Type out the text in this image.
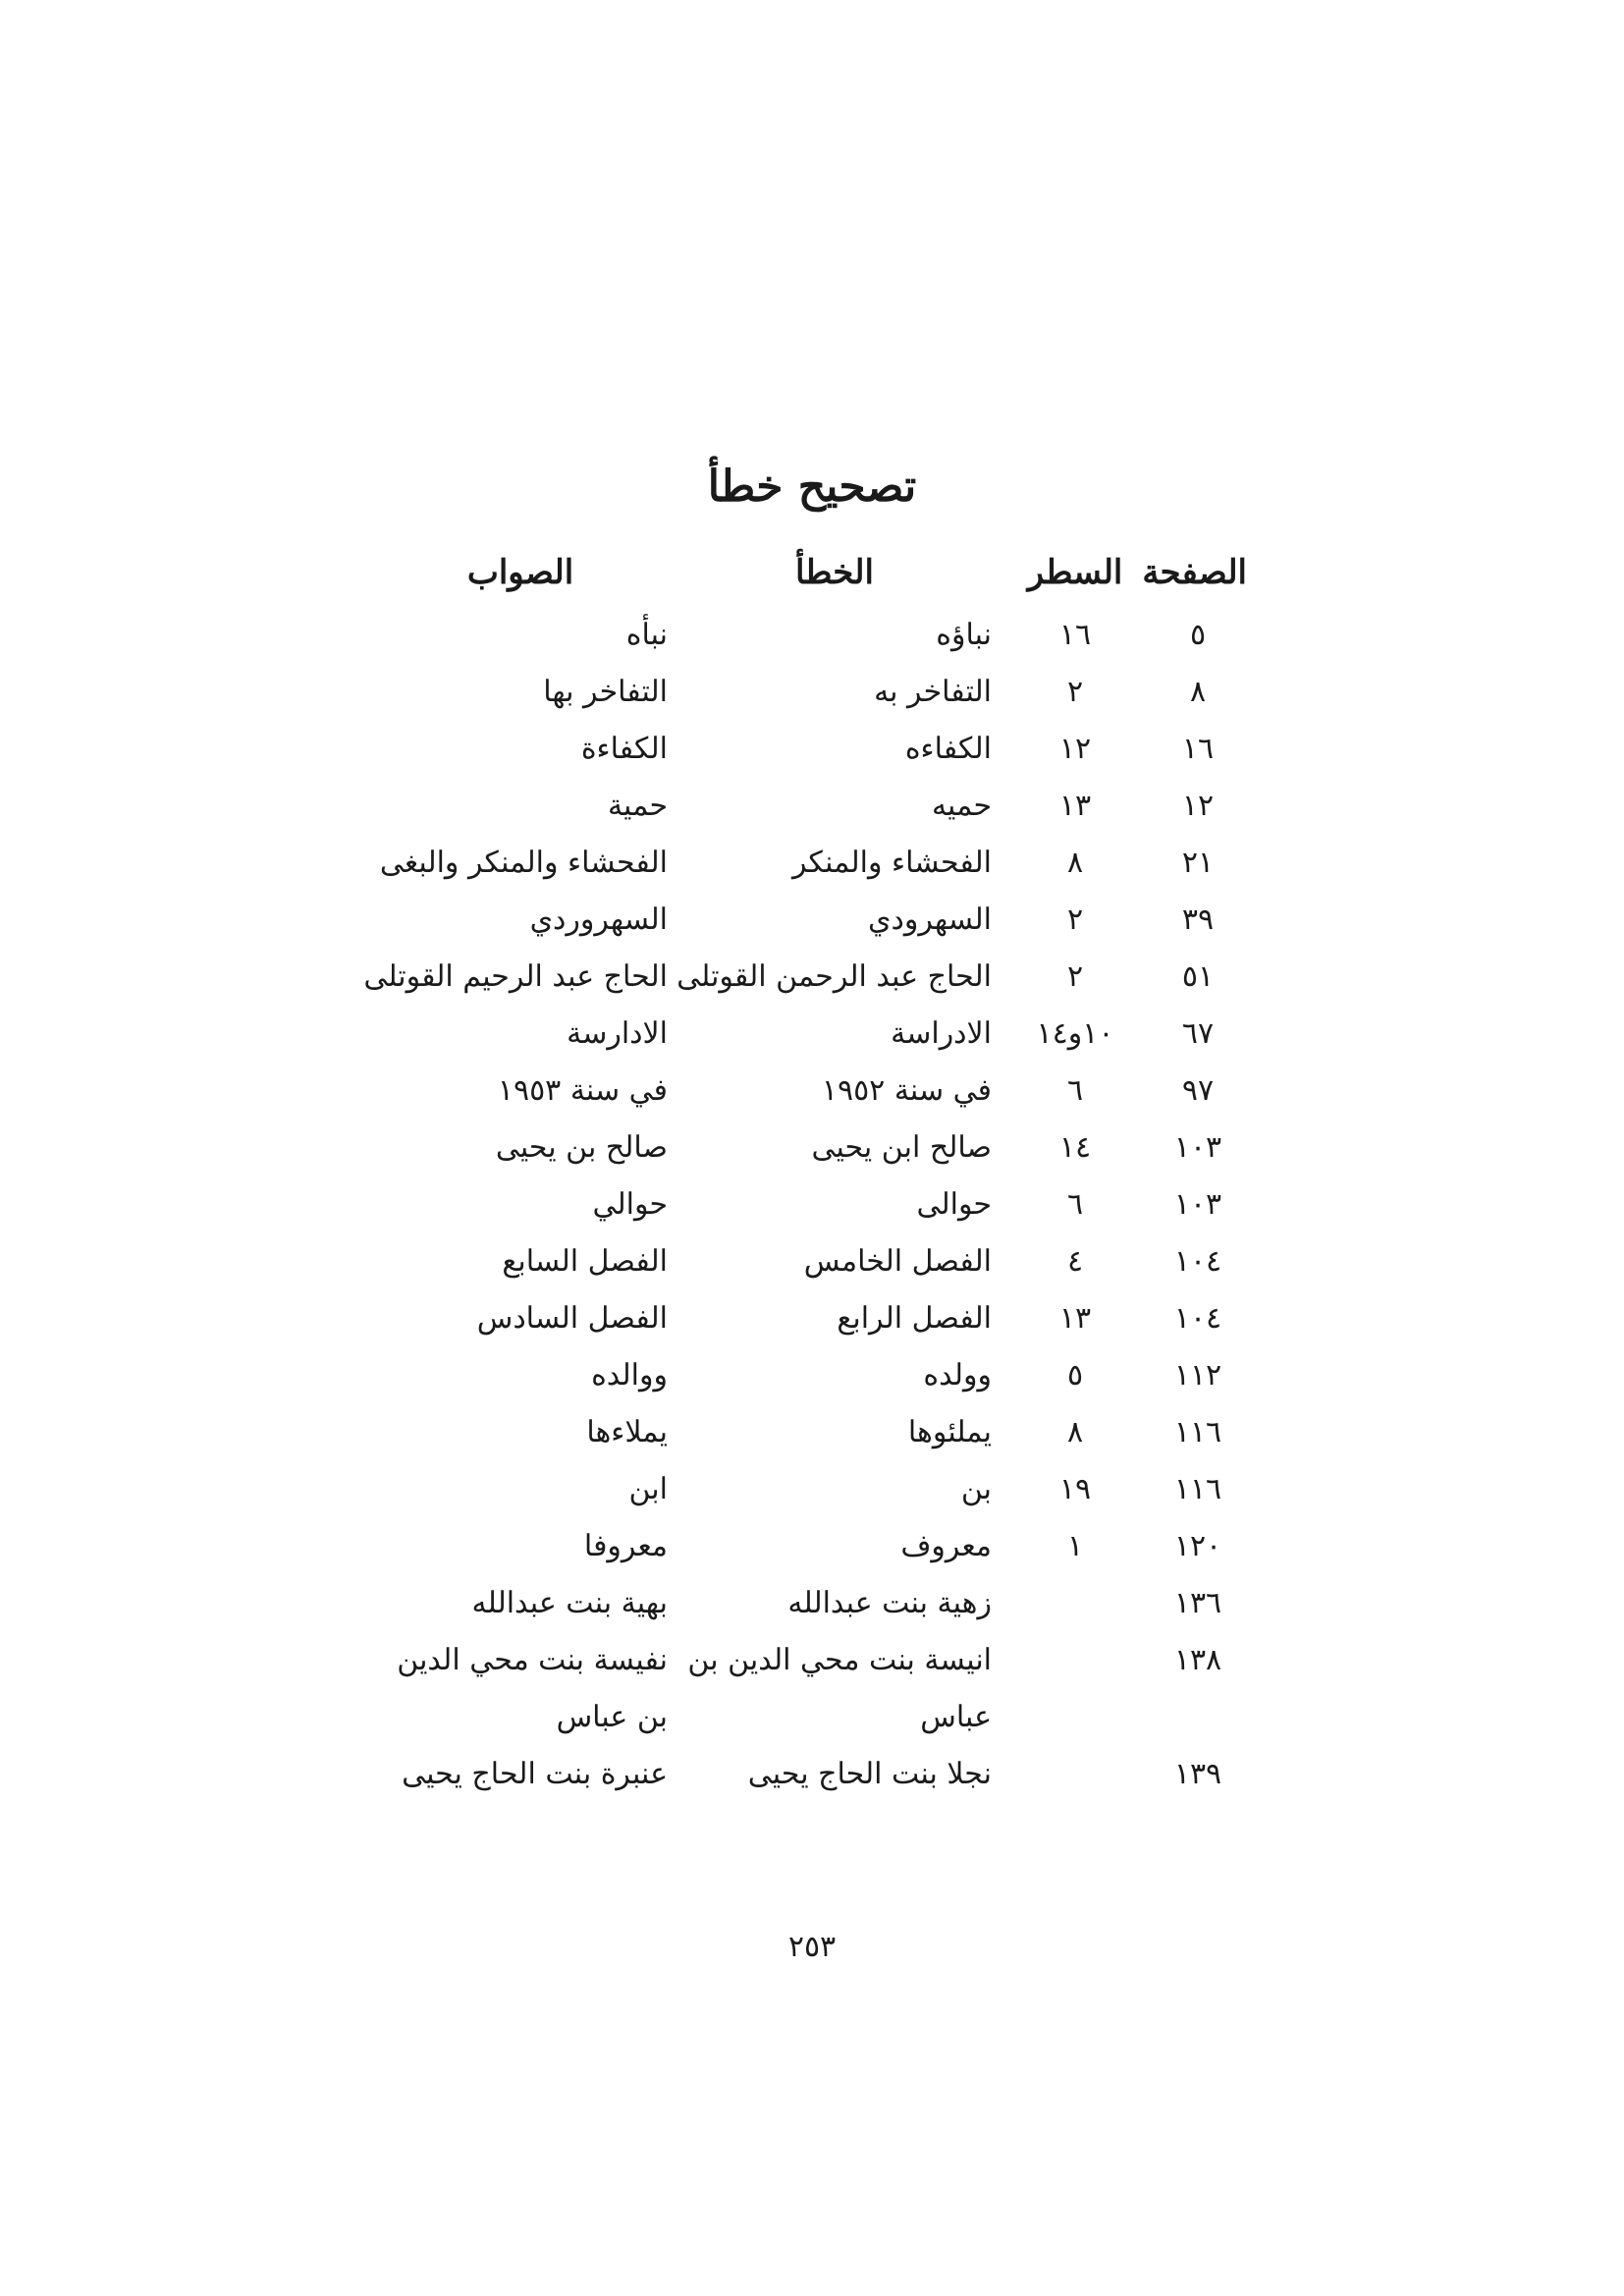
تصحيح خطأ
الصفحة
السطر
الخطأ
الصواب
٥
١٦
نباؤه
نبأه
٨
٢
التفاخر به
التفاخر بها
١٦
١٢
الكفاءه
الكفاءة
١٢
١٣
حميه
حمية
٢١
٨
الفحشاء والمنكر
الفحشاء والمنكر والبغى
٣٩
٢
السهرودي
السهروردي
٥١
٢
الحاج عبد الرحمن القوتلى
الحاج عبد الرحيم القوتلى
٦٧
١٠و١٤
الادراسة
الادارسة
٩٧
٦
في سنة ١٩٥٢
في سنة ١٩٥٣
١٠٣
١٤
صالح ابن يحيى
صالح بن يحيى
١٠٣
٦
حوالى
حوالي
١٠٤
٤
الفصل الخامس
الفصل السابع
١٠٤
١٣
الفصل الرابع
الفصل السادس
١١٢
٥
وولده
ووالده
١١٦
٨
يملئوها
يملاءها
١١٦
١٩
بن
ابن
١٢٠
١
معروف
معروفا
١٣٦
زهية بنت عبدالله
بهية بنت عبدالله
١٣٨
انيسة بنت محي الدين بن
نفيسة بنت محي الدين
عباس
بن عباس
١٣٩
نجلا بنت الحاج يحيى
عنبرة بنت الحاج يحيى
٢٥٣
